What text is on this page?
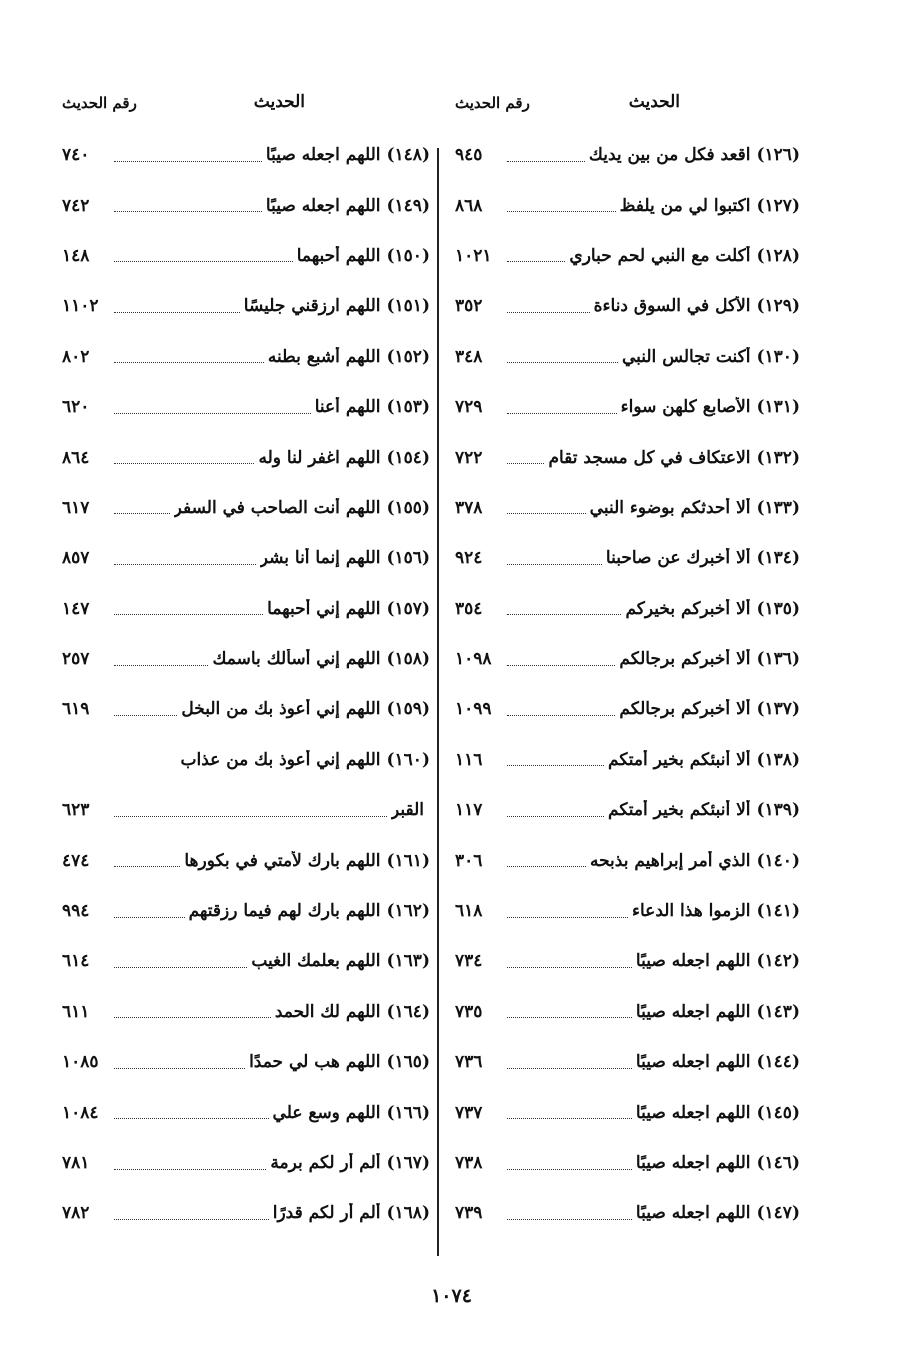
الحديث
رقم الحديث
(١٢٦)
اقعد فكل من بين يديك
٩٤٥
(١٢٧)
اكتبوا لي من يلفظ
٨٦٨
(١٢٨)
أكلت مع النبي لحم حباري
١٠٢١
(١٢٩)
الأكل في السوق دناءة
٣٥٢
(١٣٠)
أكنت تجالس النبي
٣٤٨
(١٣١)
الأصابع كلهن سواء
٧٢٩
(١٣٢)
الاعتكاف في كل مسجد تقام
٧٢٢
(١٣٣)
ألا أحدثكم بوضوء النبي
٣٧٨
(١٣٤)
ألا أخبرك عن صاحبنا
٩٢٤
(١٣٥)
ألا أخبركم بخيركم
٣٥٤
(١٣٦)
ألا أخبركم برجالكم
١٠٩٨
(١٣٧)
ألا أخبركم برجالكم
١٠٩٩
(١٣٨)
ألا أنبئكم بخير أمتكم
١١٦
(١٣٩)
ألا أنبئكم بخير أمتكم
١١٧
(١٤٠)
الذي أمر إبراهيم بذبحه
٣٠٦
(١٤١)
الزموا هذا الدعاء
٦١٨
(١٤٢)
اللهم اجعله صيبًا
٧٣٤
(١٤٣)
اللهم اجعله صيبًا
٧٣٥
(١٤٤)
اللهم اجعله صيبًا
٧٣٦
(١٤٥)
اللهم اجعله صيبًا
٧٣٧
(١٤٦)
اللهم اجعله صيبًا
٧٣٨
(١٤٧)
اللهم اجعله صيبًا
٧٣٩
الحديث
رقم الحديث
(١٤٨)
اللهم اجعله صيبًا
٧٤٠
(١٤٩)
اللهم اجعله صيبًا
٧٤٢
(١٥٠)
اللهم أحبهما
١٤٨
(١٥١)
اللهم ارزقني جليسًا
١١٠٢
(١٥٢)
اللهم أشبع بطنه
٨٠٢
(١٥٣)
اللهم أعنا
٦٢٠
(١٥٤)
اللهم اغفر لنا وله
٨٦٤
(١٥٥)
اللهم أنت الصاحب في السفر
٦١٧
(١٥٦)
اللهم إنما أنا بشر
٨٥٧
(١٥٧)
اللهم إني أحبهما
١٤٧
(١٥٨)
اللهم إني أسألك باسمك
٢٥٧
(١٥٩)
اللهم إني أعوذ بك من البخل
٦١٩
(١٦٠)
اللهم إني أعوذ بك من عذاب
القبر
٦٢٣
(١٦١)
اللهم بارك لأمتي في بكورها
٤٧٤
(١٦٢)
اللهم بارك لهم فيما رزقتهم
٩٩٤
(١٦٣)
اللهم بعلمك الغيب
٦١٤
(١٦٤)
اللهم لك الحمد
٦١١
(١٦٥)
اللهم هب لي حمدًا
١٠٨٥
(١٦٦)
اللهم وسع علي
١٠٨٤
(١٦٧)
ألم أر لكم برمة
٧٨١
(١٦٨)
ألم أر لكم قدرًا
٧٨٢
١٠٧٤
